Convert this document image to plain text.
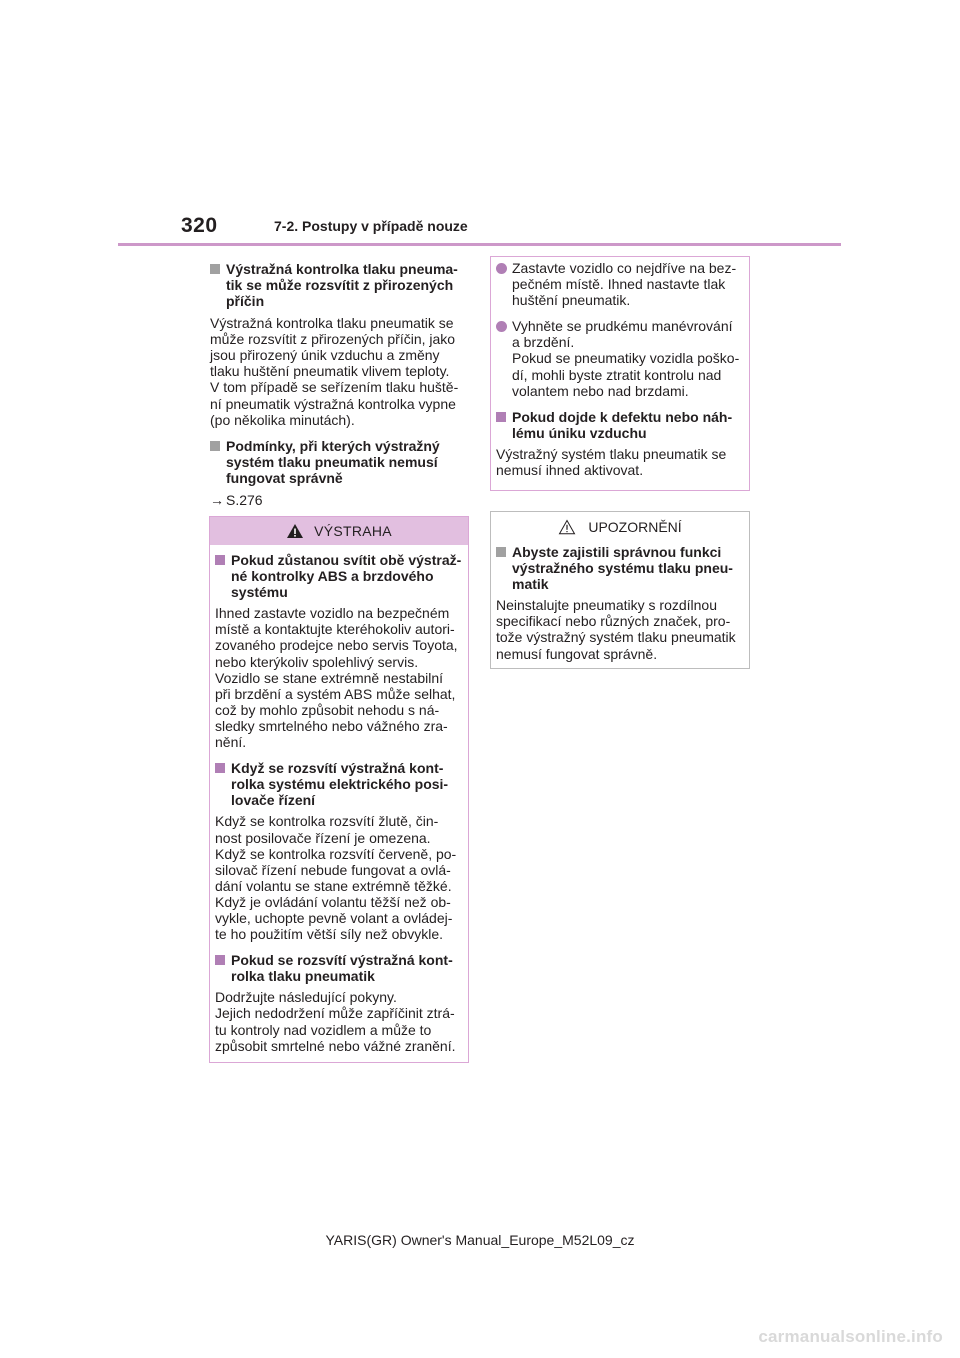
320	7-2. Postupy v případě nouze
Výstražná kontrolka tlaku pneuma-
tik se může rozsvítit z přirozených
příčin

Výstražná kontrolka tlaku pneumatik se
může rozsvítit z přirozených příčin, jako
jsou přirozený únik vzduchu a změny
tlaku huštění pneumatik vlivem teploty.
V tom případě se seřízením tlaku huště-
ní pneumatik výstražná kontrolka vypne
(po několika minutách).

Podmínky, při kterých výstražný
systém tlaku pneumatik nemusí
fungovat správně

→ S.276

VÝSTRAHA
Pokud zůstanou svítit obě výstraž-
né kontrolky ABS a brzdového
systému

Ihned zastavte vozidlo na bezpečném
místě a kontaktujte kteréhokoliv autori-
zovaného prodejce nebo servis Toyota,
nebo kterýkoliv spolehlivý servis.
Vozidlo se stane extrémně nestabilní
při brzdění a systém ABS může selhat,
což by mohlo způsobit nehodu s ná-
sledky smrtelného nebo vážného zra-
nění.

Když se rozsvítí výstražná kont-
rolka systému elektrického posi-
lovače řízení

Když se kontrolka rozsvítí žlutě, čin-
nost posilovače řízení je omezena.
Když se kontrolka rozsvítí červeně, po-
silovač řízení nebude fungovat a ovlá-
dání volantu se stane extrémně těžké.
Když je ovládání volantu těžší než ob-
vykle, uchopte pevně volant a ovládej-
te ho použitím větší síly než obvykle.

Pokud se rozsvítí výstražná kont-
rolka tlaku pneumatik

Dodržujte následující pokyny.
Jejich nedodržení může zapříčinit ztrá-
tu kontroly nad vozidlem a může to
způsobit smrtelné nebo vážné zranění.

Zastavte vozidlo co nejdříve na bez-
pečném místě. Ihned nastavte tlak
huštění pneumatik.
Vyhněte se prudkému manévrování
a brzdění.
Pokud se pneumatiky vozidla poško-
dí, mohli byste ztratit kontrolu nad
volantem nebo nad brzdami.
Pokud dojde k defektu nebo náh-
lému úniku vzduchu

Výstražný systém tlaku pneumatik se
nemusí ihned aktivovat.

UPOZORNĚNÍ
Abyste zajistili správnou funkci
výstražného systému tlaku pneu-
matik

Neinstalujte pneumatiky s rozdílnou
specifikací nebo různých značek, pro-
tože výstražný systém tlaku pneumatik
nemusí fungovat správně.

YARIS(GR) Owner's Manual_Europe_M52L09_cz
carmanualsonline.info
